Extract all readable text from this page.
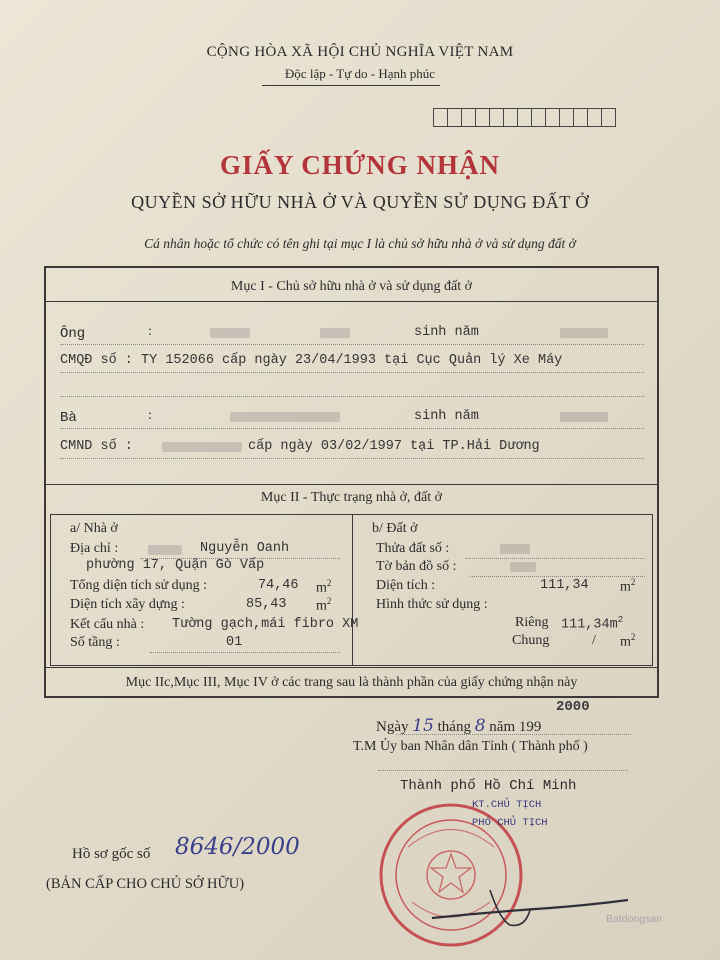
CỘNG HÒA XÃ HỘI CHỦ NGHĨA VIỆT NAM
Độc lập - Tự do - Hạnh phúc
GIẤY CHỨNG NHẬN
QUYỀN SỞ HỮU NHÀ Ở VÀ QUYỀN SỬ DỤNG ĐẤT Ở
Cá nhân hoặc tổ chức có tên ghi tại mục I là chủ sở hữu nhà ở và sử dụng đất ở
Mục I - Chủ sở hữu nhà ở và sử dụng đất ở
Ông	:	sinh năm
CMQĐ số : TY 152066 cấp ngày 23/04/1993 tại Cục Quản lý Xe Máy
Bà	:	sinh năm
CMND số :	cấp ngày 03/02/1997 tại TP.Hải Dương
Mục II - Thực trạng nhà ở, đất ở
a/ Nhà ở
Địa chỉ :	Nguyễn Oanh
phường 17, Quận Gò Vấp
Tổng diện tích sử dụng :	74,46 $m^2$
Diện tích xây dựng :	85,43 $m^2$
Kết cấu nhà : Tường gạch,mái fibro XM
Số tầng :	01
b/ Đất ở
Thửa đất số :
Tờ bản đồ số :
Diện tích :	111,34 $m^2$
Hình thức sử dụng :
Riêng $111,34m^2$
Chung	/ $m^2$
Mục IIc,Mục III, Mục IV ở các trang sau là thành phần của giấy chứng nhận này
Ngày 15 tháng 8 năm 199
2000
T.M Ủy ban Nhân dân Tỉnh ( Thành phố )
Thành phố Hồ Chí Minh
KT.CHỦ TỊCH
PHÓ CHỦ TỊCH
Hồ sơ gốc số 8646/2000
(BẢN CẤP CHO CHỦ SỞ HỮU)
Batdongsan
